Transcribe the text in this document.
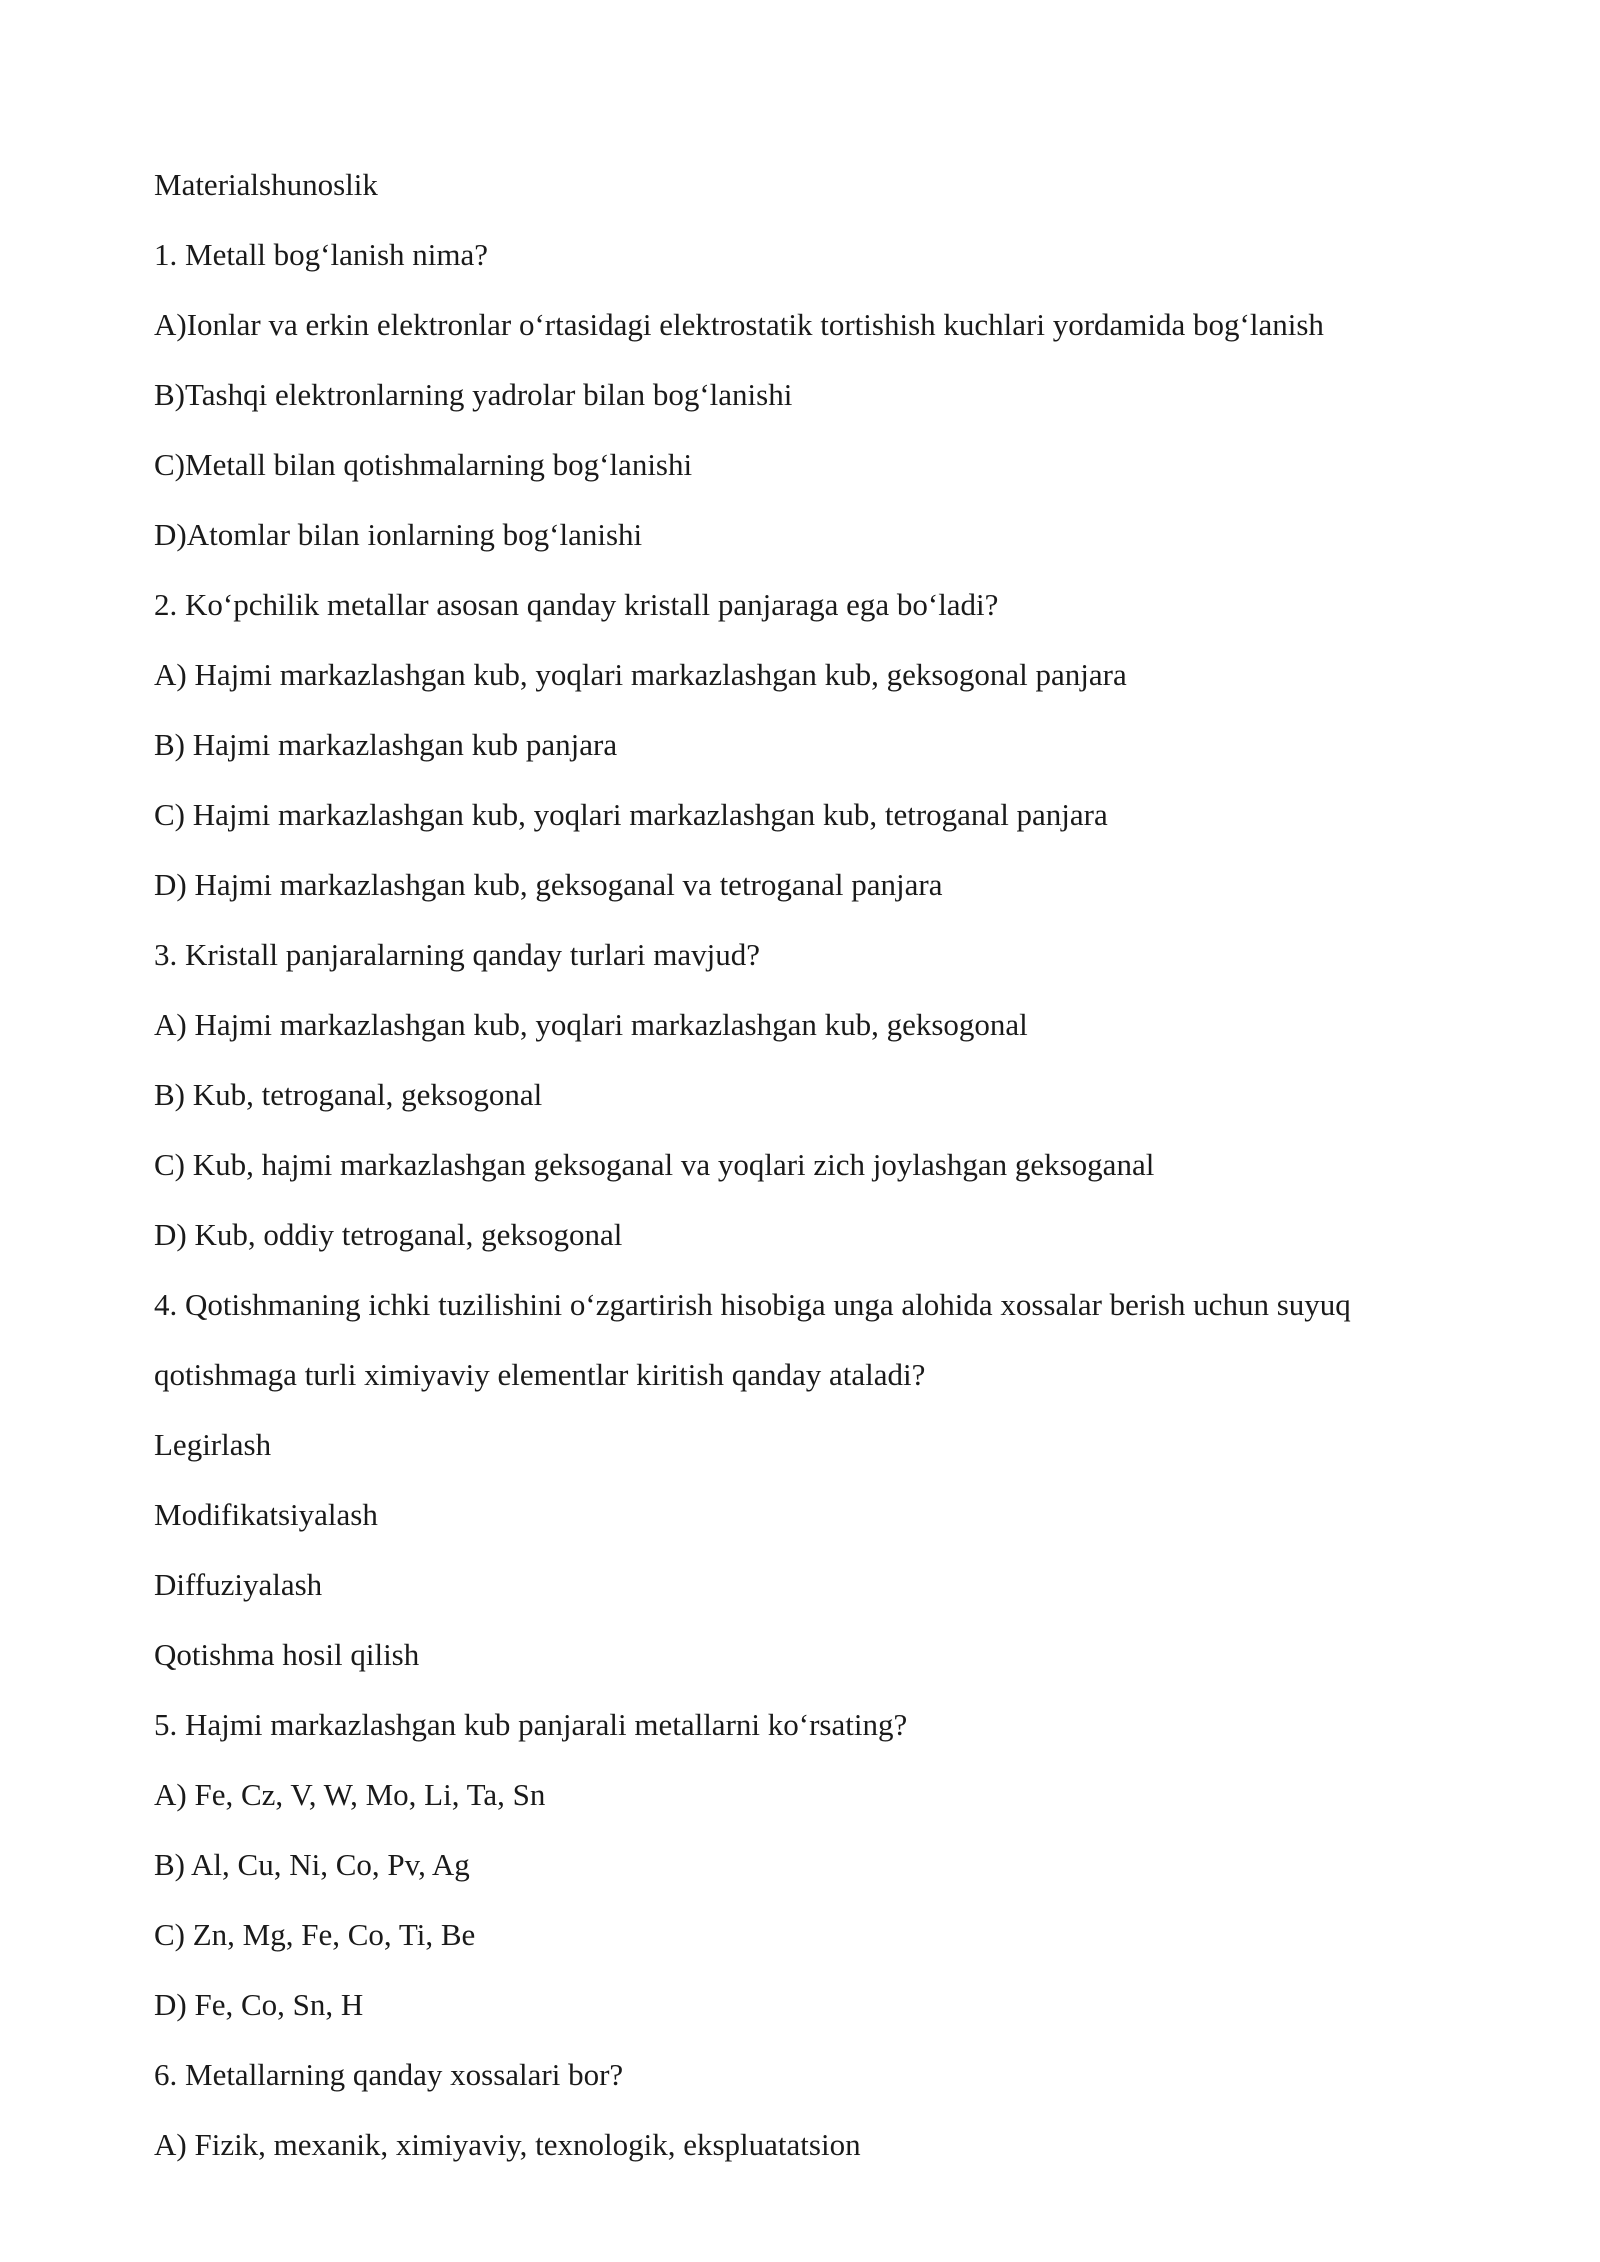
Materialshunoslik
1. Metall bog‘lanish nima?
A)Ionlar va erkin elektronlar o‘rtasidagi elektrostatik tortishish kuchlari yordamida bog‘lanish
B)Tashqi elektronlarning yadrolar bilan bog‘lanishi
C)Metall bilan qotishmalarning bog‘lanishi
D)Atomlar bilan ionlarning bog‘lanishi
2. Ko‘pchilik metallar asosan qanday kristall panjaraga ega bo‘ladi?
A) Hajmi markazlashgan kub, yoqlari markazlashgan kub, geksogonal panjara
B) Hajmi markazlashgan kub panjara
C) Hajmi markazlashgan kub, yoqlari markazlashgan kub, tetroganal panjara
D) Hajmi markazlashgan kub, geksoganal va tetroganal panjara
3. Kristall panjaralarning qanday turlari mavjud?
A) Hajmi markazlashgan kub, yoqlari markazlashgan kub, geksogonal
B) Kub, tetroganal, geksogonal
C) Kub, hajmi markazlashgan geksoganal va yoqlari zich joylashgan geksoganal
D) Kub, oddiy tetroganal, geksogonal
4. Qotishmaning ichki tuzilishini o‘zgartirish hisobiga unga alohida xossalar berish uchun suyuq
qotishmaga turli ximiyaviy elementlar kiritish qanday ataladi?
Legirlash
Modifikatsiyalash
Diffuziyalash
Qotishma hosil qilish
5. Hajmi markazlashgan kub panjarali metallarni ko‘rsating?
A) Fe, Cz, V, W, Mo, Li, Ta, Sn
B) Al, Cu, Ni, Co, Pv, Ag
C) Zn, Mg, Fe, Co, Ti, Be
D) Fe, Co, Sn, H
6. Metallarning qanday xossalari bor?
A) Fizik, mexanik, ximiyaviy, texnologik, ekspluatatsion
